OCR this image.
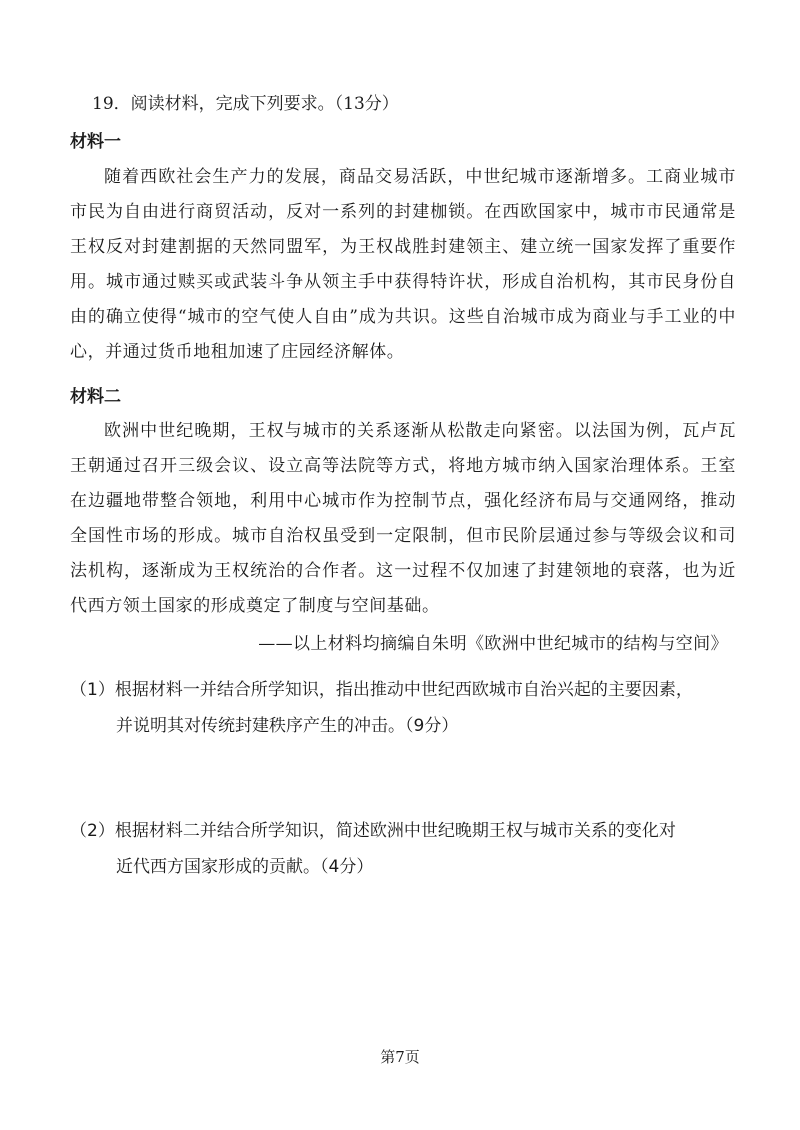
19．阅读材料，完成下列要求。（13分）
材料一

随着西欧社会生产力的发展，商品交易活跃，中世纪城市逐渐增多。工商业城市市民为自由进行商贸活动，反对一系列的封建枷锁。在西欧国家中，城市市民通常是王权反对封建割据的天然同盟军，为王权战胜封建领主、建立统一国家发挥了重要作用。城市通过赎买或武装斗争从领主手中获得特许状，形成自治机构，其市民身份自由的确立使得“城市的空气使人自由”成为共识。这些自治城市成为商业与手工业的中心，并通过货币地租加速了庄园经济解体。

材料二

欧洲中世纪晚期，王权与城市的关系逐渐从松散走向紧密。以法国为例，瓦卢瓦王朝通过召开三级会议、设立高等法院等方式，将地方城市纳入国家治理体系。王室在边疆地带整合领地，利用中心城市作为控制节点，强化经济布局与交通网络，推动全国性市场的形成。城市自治权虽受到一定限制，但市民阶层通过参与等级会议和司法机构，逐渐成为王权统治的合作者。这一过程不仅加速了封建领地的衰落，也为近代西方领土国家的形成奠定了制度与空间基础。

——以上材料均摘编自朱明《欧洲中世纪城市的结构与空间》
（1）根据材料一并结合所学知识，指出推动中世纪西欧城市自治兴起的主要因素，
并说明其对传统封建秩序产生的冲击。（9分）
（2）根据材料二并结合所学知识，简述欧洲中世纪晚期王权与城市关系的变化对
近代西方国家形成的贡献。（4分）
第7页
